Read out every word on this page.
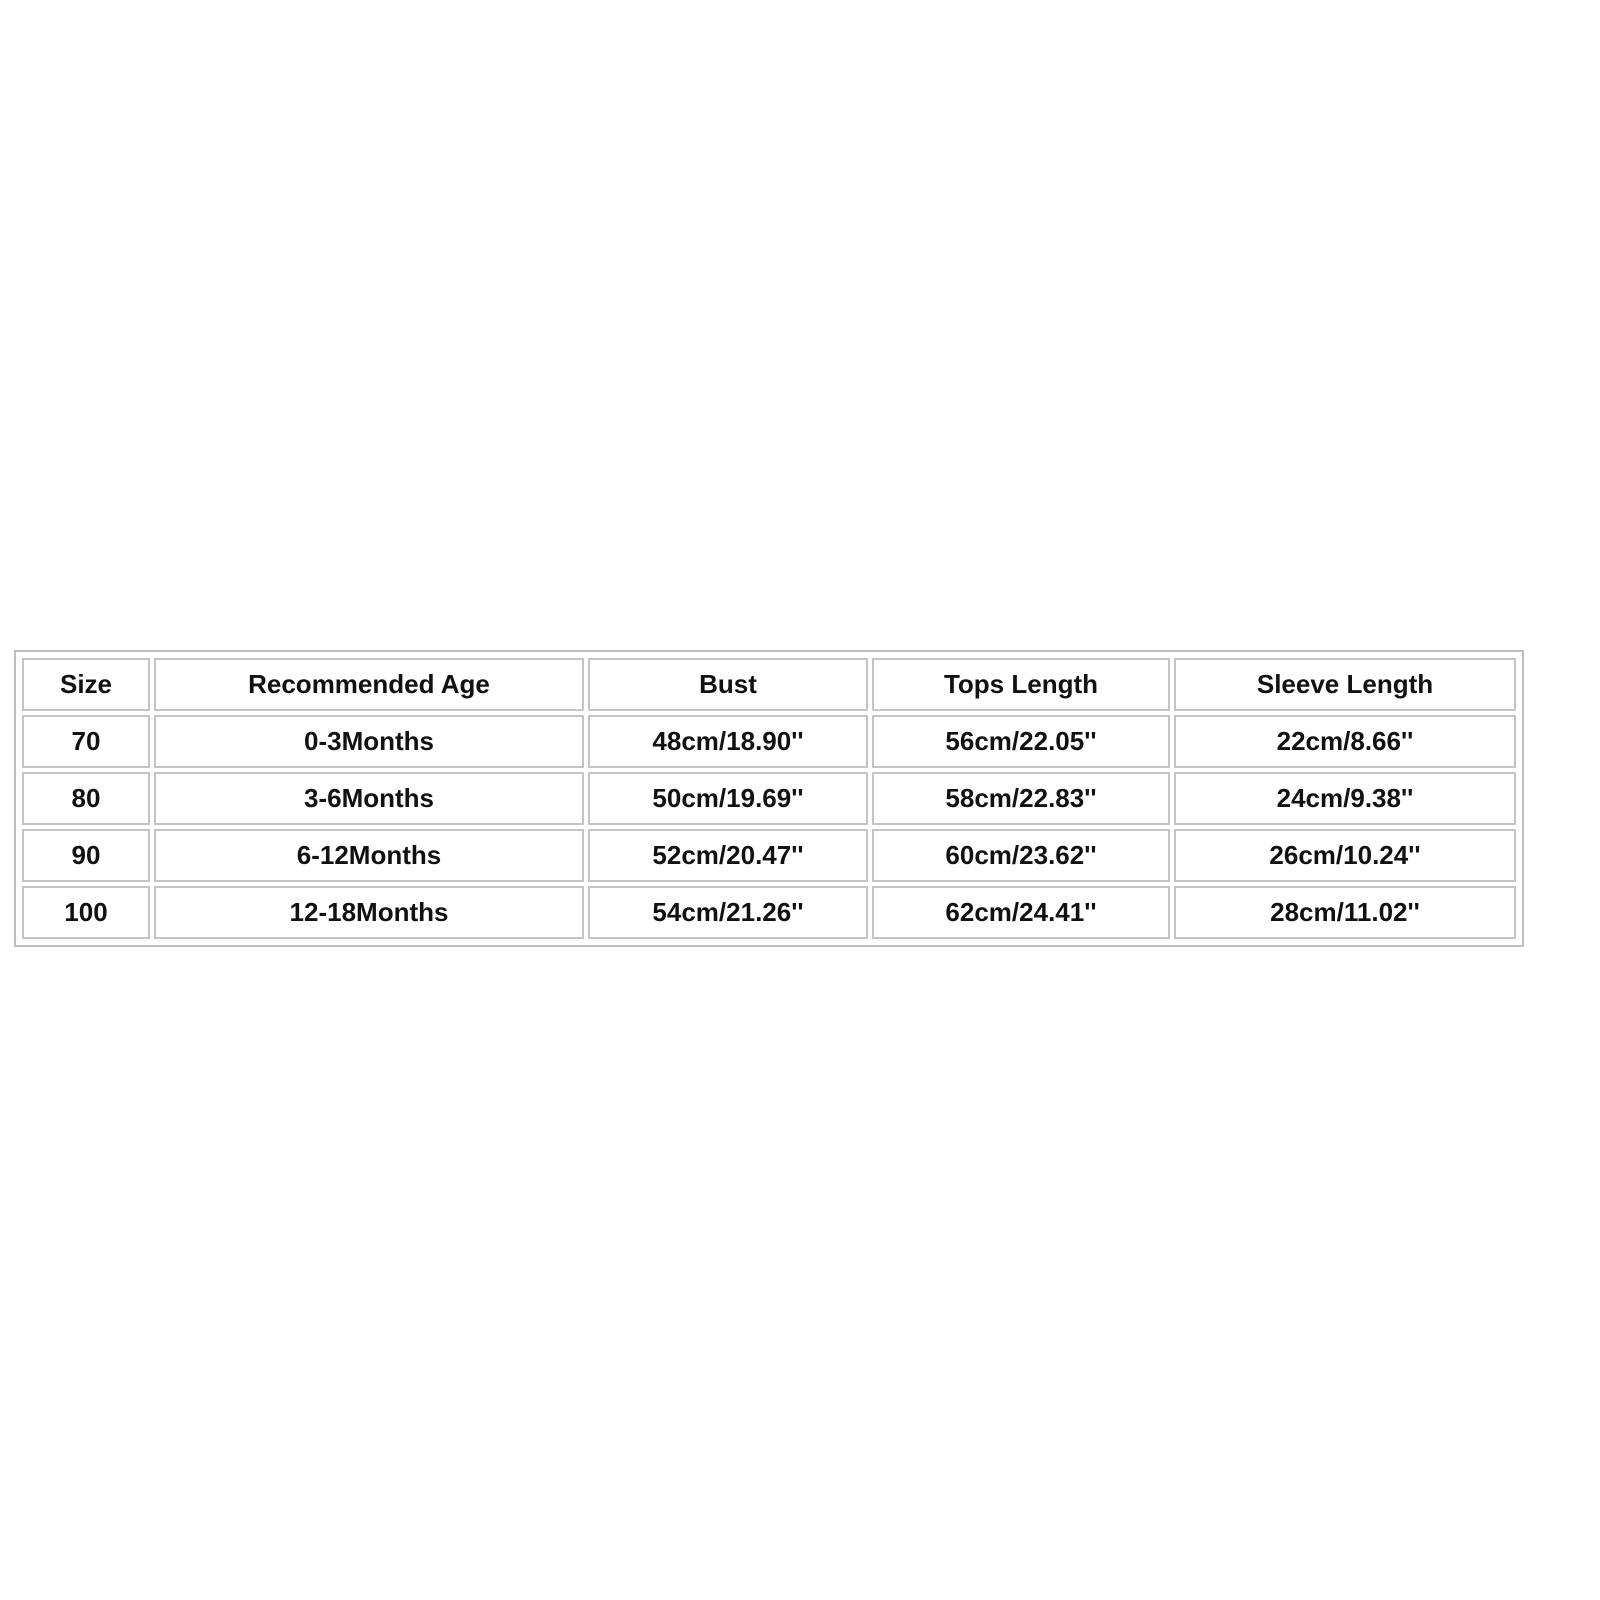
Size	Recommended Age	Bust	Tops Length	Sleeve Length
70	0-3Months	48cm/18.90''	56cm/22.05''	22cm/8.66''
80	3-6Months	50cm/19.69''	58cm/22.83''	24cm/9.38''
90	6-12Months	52cm/20.47''	60cm/23.62''	26cm/10.24''
100	12-18Months	54cm/21.26''	62cm/24.41''	28cm/11.02''
